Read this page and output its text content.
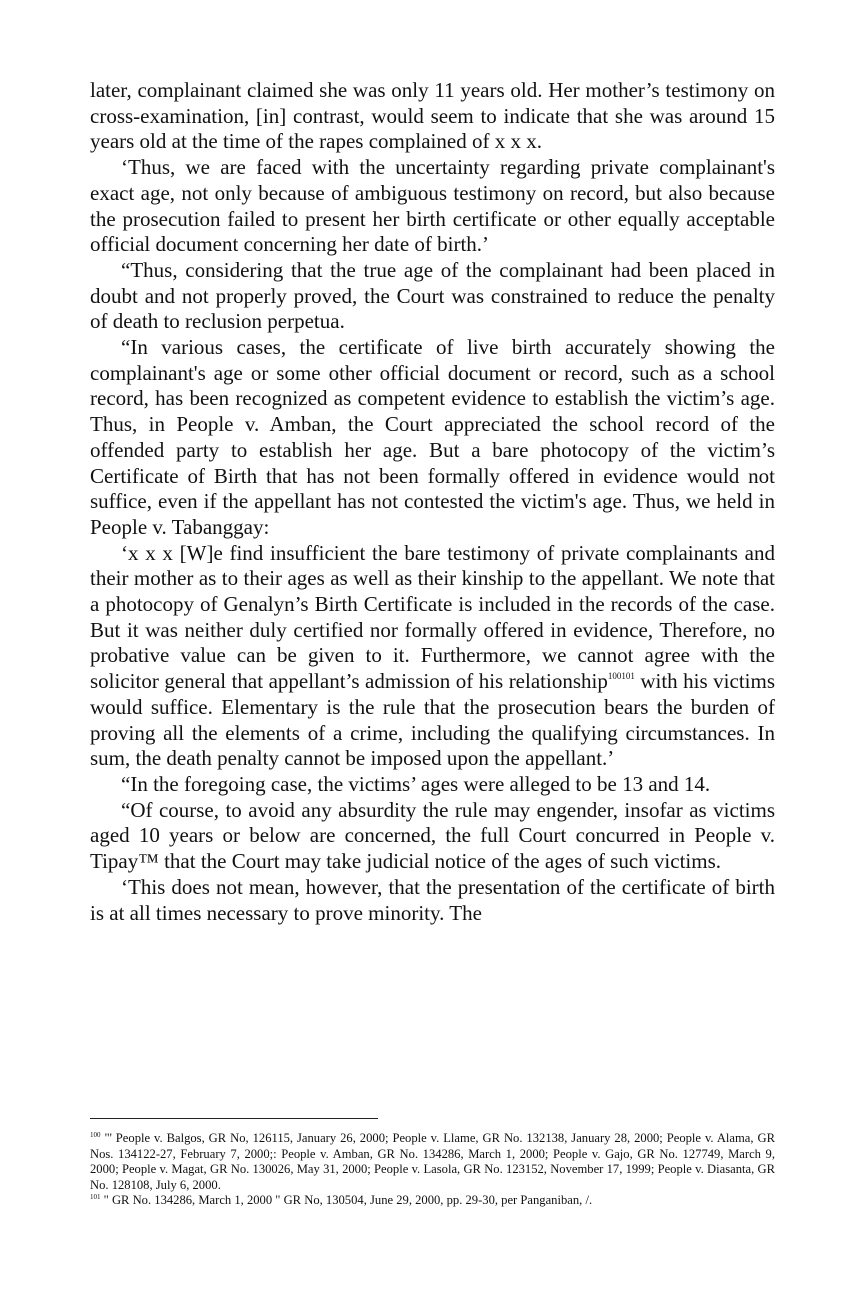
later, complainant claimed she was only 11 years old. Her mother’s testimony on cross-examination, [in] contrast, would seem to indicate that she was around 15 years old at the time of the rapes complained of x x x.

‘Thus, we are faced with the uncertainty regarding private complainant's exact age, not only because of ambiguous testimony on record, but also because the prosecution failed to present her birth certificate or other equally acceptable official document concerning her date of birth.’

“Thus, considering that the true age of the complainant had been placed in doubt and not properly proved, the Court was constrained to reduce the penalty of death to reclusion perpetua.

“In various cases, the certificate of live birth accurately showing the complainant's age or some other official document or record, such as a school record, has been recognized as competent evidence to establish the victim’s age. Thus, in People v. Amban, the Court appreciated the school record of the offended party to establish her age. But a bare photocopy of the victim’s Certificate of Birth that has not been formally offered in evidence would not suffice, even if the appellant has not contested the victim's age. Thus, we held in People v. Tabanggay:

‘x x x [W]e find insufficient the bare testimony of private complainants and their mother as to their ages as well as their kinship to the appellant. We note that a photocopy of Genalyn’s Birth Certificate is included in the records of the case. But it was neither duly certified nor formally offered in evidence, Therefore, no probative value can be given to it. Furthermore, we cannot agree with the solicitor general that appellant’s admission of his relationship$^{100101}$ with his victims would suffice. Elementary is the rule that the prosecution bears the burden of proving all the elements of a crime, including the qualifying circumstances. In sum, the death penalty cannot be imposed upon the appellant.’

“In the foregoing case, the victims’ ages were alleged to be 13 and 14.

“Of course, to avoid any absurdity the rule may engender, insofar as victims aged 10 years or below are concerned, the full Court concurred in People v. Tipay™ that the Court may take judicial notice of the ages of such victims.

‘This does not mean, however, that the presentation of the certificate of birth is at all times necessary to prove minority. The

$^{100}$ "' People v. Balgos, GR No, 126115, January 26, 2000; People v. Llame, GR No. 132138, January 28, 2000; People v. Alama, GR Nos. 134122-27, February 7, 2000;: People v. Amban, GR No. 134286, March 1, 2000; People v. Gajo, GR No. 127749, March 9, 2000; People v. Magat, GR No. 130026, May 31, 2000; People v. Lasola, GR No. 123152, November 17, 1999; People v. Diasanta, GR No. 128108, July 6, 2000.

$^{101}$ " GR No. 134286, March 1, 2000 " GR No, 130504, June 29, 2000, pp. 29-30, per Panganiban, /.
